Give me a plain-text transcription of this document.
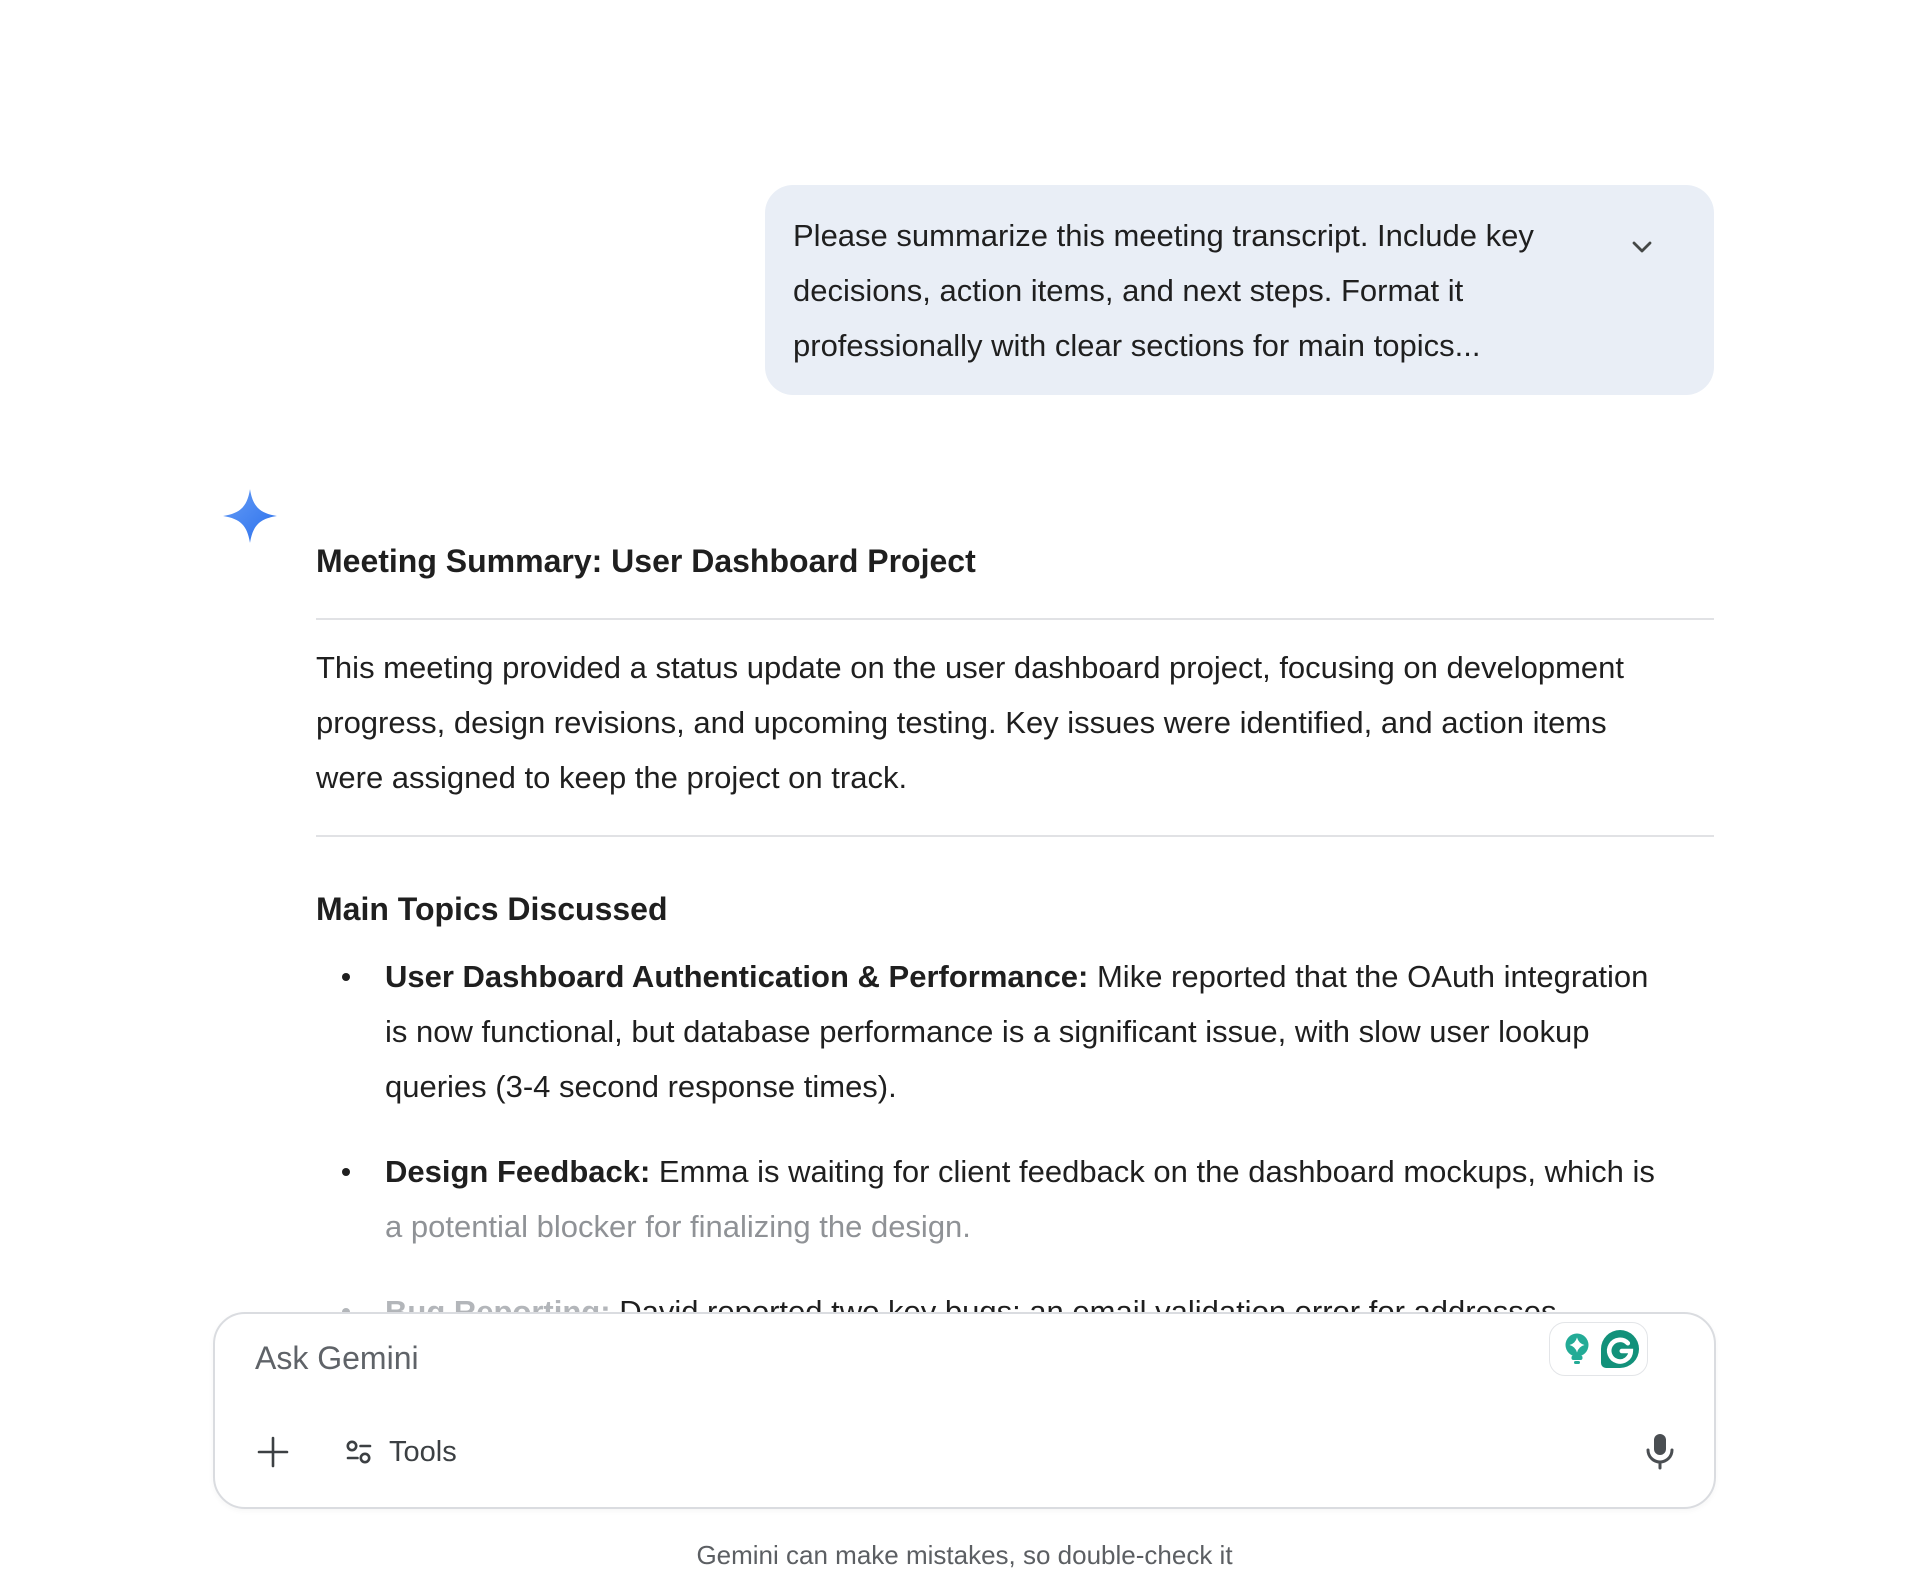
Please summarize this meeting transcript. Include key
decisions, action items, and next steps. Format it
professionally with clear sections for main topics...
Meeting Summary: User Dashboard Project
This meeting provided a status update on the user dashboard project, focusing on development
progress, design revisions, and upcoming testing. Key issues were identified, and action items
were assigned to keep the project on track.
Main Topics Discussed
User Dashboard Authentication & Performance: Mike reported that the OAuth integration
is now functional, but database performance is a significant issue, with slow user lookup
queries (3-4 second response times).
Design Feedback: Emma is waiting for client feedback on the dashboard mockups, which is
a potential blocker for finalizing the design.
Ask Gemini
Tools
Gemini can make mistakes, so double-check it
